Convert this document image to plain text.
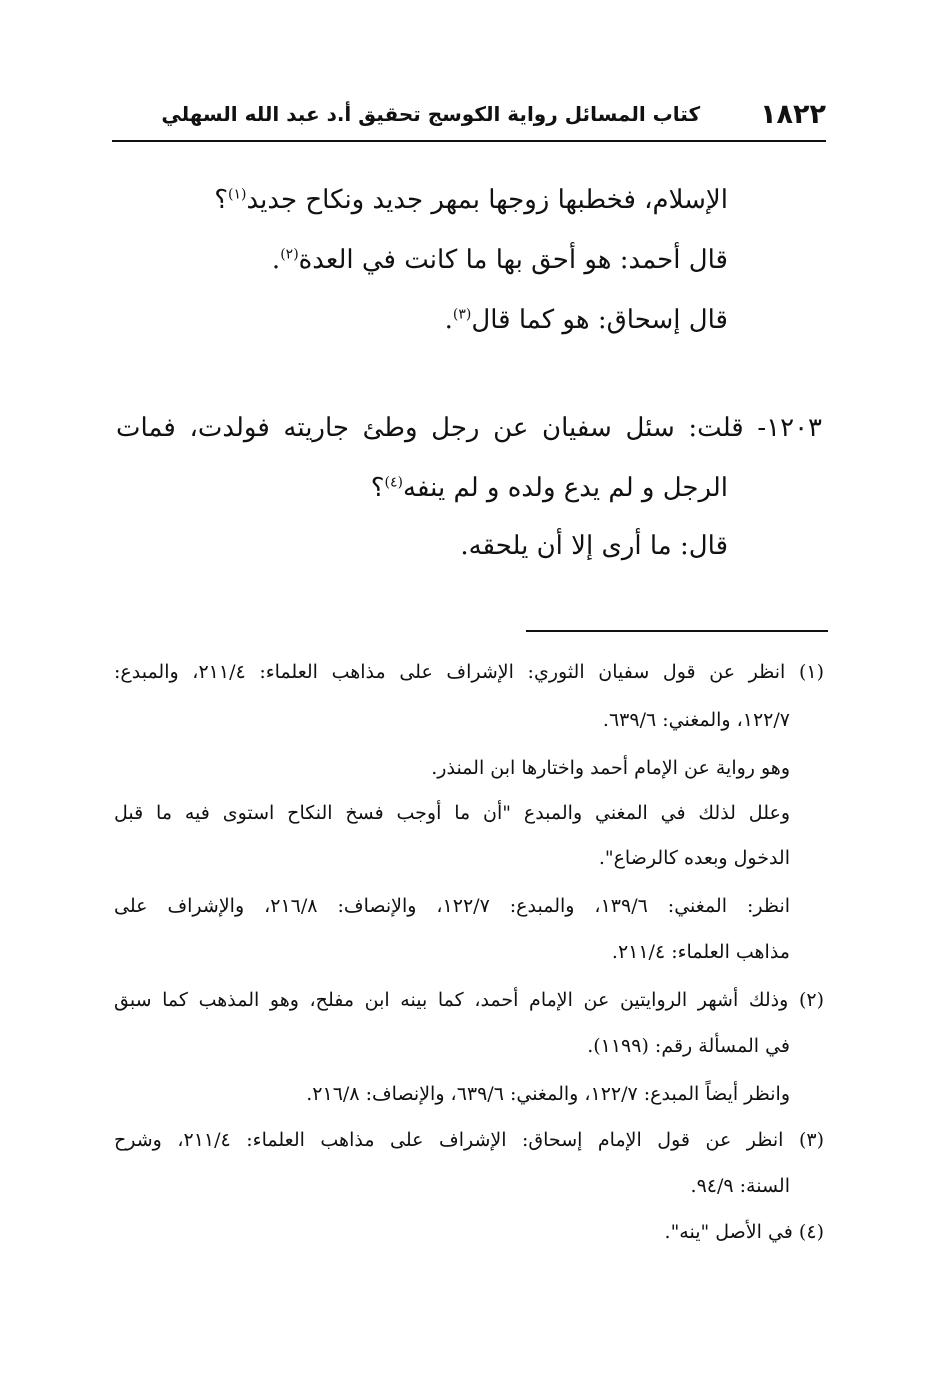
١٨٢٢
كتاب المسائل رواية الكوسج تحقيق أ.د عبد الله السهلي
الإسلام، فخطبها زوجها بمهر جديد ونكاح جديد$^{(١)}$؟
قال أحمد: هو أحق بها ما كانت في العدة$^{(٢)}$.
قال إسحاق: هو كما قال$^{(٣)}$.
١٢٠٣- قلت: سئل سفيان عن رجل وطئ جاريته فولدت، فمات
الرجل و لم يدع ولده و لم ينفه$^{(٤)}$؟
قال: ما أرى إلا أن يلحقه.
(١) انظر عن قول سفيان الثوري: الإشراف على مذاهب العلماء: ٢١١/٤، والمبدع:
١٢٢/٧، والمغني: ٦٣٩/٦.
وهو رواية عن الإمام أحمد واختارها ابن المنذر.
وعلل لذلك في المغني والمبدع "أن ما أوجب فسخ النكاح استوى فيه ما قبل
الدخول وبعده كالرضاع".
انظر: المغني: ١٣٩/٦، والمبدع: ١٢٢/٧، والإنصاف: ٢١٦/٨، والإشراف على
مذاهب العلماء: ٢١١/٤.
(٢) وذلك أشهر الروايتين عن الإمام أحمد، كما بينه ابن مفلح، وهو المذهب كما سبق
في المسألة رقم: (١١٩٩).
وانظر أيضاً المبدع: ١٢٢/٧، والمغني: ٦٣٩/٦، والإنصاف: ٢١٦/٨.
(٣) انظر عن قول الإمام إسحاق: الإشراف على مذاهب العلماء: ٢١١/٤، وشرح
السنة: ٩٤/٩.
(٤) في الأصل "ينه".
